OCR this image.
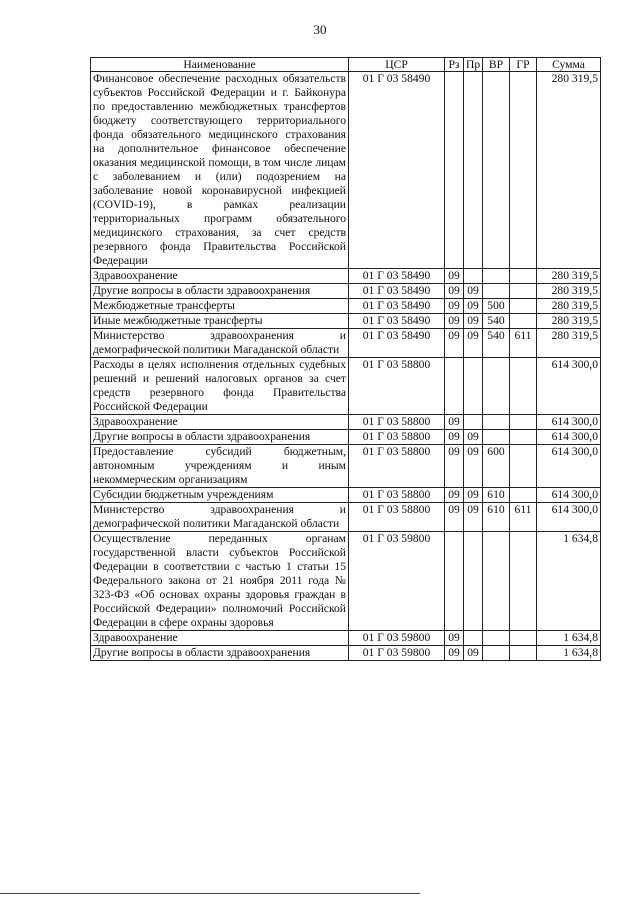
30
Наименование	ЦСР	Рз	Пр	ВР	ГР	Сумма
Финансовое обеспечение расходных обязательств субъектов Российской Федерации и г. Байконура по предоставлению межбюджетных трансфертов бюджету соответствующего территориального фонда обязательного медицинского страхования на дополнительное финансовое обеспечение оказания медицинской помощи, в том числе лицам с заболеванием и (или) подозрением на заболевание новой коронавирусной инфекцией (COVID-19), в рамках реализации территориальных программ обязательного медицинского страхования, за счет средств резервного фонда Правительства Российской Федерации	01 Г 03 58490					280 319,5
Здравоохранение	01 Г 03 58490	09				280 319,5
Другие вопросы в области здравоохранения	01 Г 03 58490	09	09			280 319,5
Межбюджетные трансферты	01 Г 03 58490	09	09	500		280 319,5
Иные межбюджетные трансферты	01 Г 03 58490	09	09	540		280 319,5
Министерство здравоохранения и демографической политики Магаданской области	01 Г 03 58490	09	09	540	611	280 319,5
Расходы в целях исполнения отдельных судебных решений и решений налоговых органов за счет средств резервного фонда Правительства Российской Федерации	01 Г 03 58800					614 300,0
Здравоохранение	01 Г 03 58800	09				614 300,0
Другие вопросы в области здравоохранения	01 Г 03 58800	09	09			614 300,0
Предоставление субсидий бюджетным, автономным учреждениям и иным некоммерческим организациям	01 Г 03 58800	09	09	600		614 300,0
Субсидии бюджетным учреждениям	01 Г 03 58800	09	09	610		614 300,0
Министерство здравоохранения и демографической политики Магаданской области	01 Г 03 58800	09	09	610	611	614 300,0
Осуществление переданных органам государственной власти субъектов Российской Федерации в соответствии с частью 1 статьи 15 Федерального закона от 21 ноября 2011 года № 323-ФЗ «Об основах охраны здоровья граждан в Российской Федерации» полномочий Российской Федерации в сфере охраны здоровья	01 Г 03 59800					1 634,8
Здравоохранение	01 Г 03 59800	09				1 634,8
Другие вопросы в области здравоохранения	01 Г 03 59800	09	09			1 634,8
